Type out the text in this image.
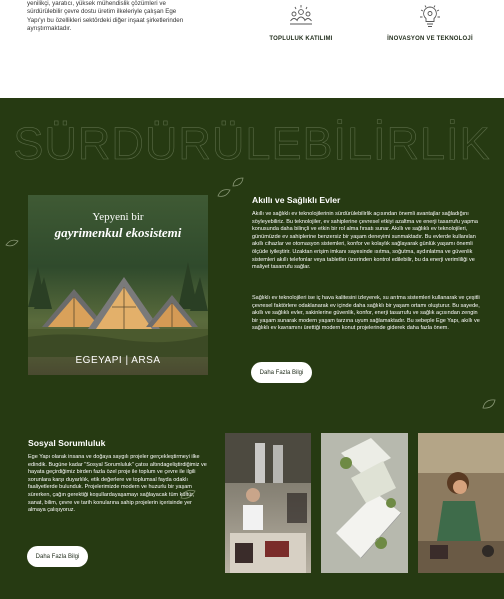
yenilikçi, yaratıcı, yüksek mühendislik çözümleri ve sürdürülebilir çevre dostu üretim ilkeleriyle çalışan Ege Yapı'yı bu özellikleri sektördeki diğer inşaat şirketlerinden ayrıştırmaktadır.

TOPLULUK KATILIMI	İNOVASYON VE TEKNOLOJİ
SÜRDÜRÜLEBİLİRLİK
Yepyeni bir
gayrimenkul ekosistemi
EGEYAPI | ARSA
Akıllı ve Sağlıklı Evler

Akıllı ve sağlıklı ev teknolojilerinin sürdürülebilirlik açısından önemli avantajlar sağladığını söyleyebiliriz. Bu teknolojiler, ev sahiplerine çevresel etkiyi azaltma ve enerji tasarrufu yapma konusunda daha bilinçli ve etkin bir rol alma fırsatı sunar. Akıllı ve sağlıklı ev teknolojileri, günümüzde ev sahiplerine benzersiz bir yaşam deneyimi sunmaktadır. Bu evlerde kullanılan akıllı cihazlar ve otomasyon sistemleri, konfor ve kolaylık sağlayarak günlük yaşamı önemli ölçüde iyileştirir. Uzaktan erişim imkanı sayesinde ısıtma, soğutma, aydınlatma ve güvenlik sistemleri akıllı telefonlar veya tabletler üzerinden kontrol edilebilir, bu da enerji verimliliği ve maliyet tasarrufu sağlar.

Sağlıklı ev teknolojileri ise iç hava kalitesini izleyerek, su arıtma sistemleri kullanarak ve çeşitli çevresel faktörlere odaklanarak ev içinde daha sağlıklı bir yaşam ortamı oluşturur. Bu sayede, akıllı ve sağlıklı evler, sakinlerine güvenlik, konfor, enerji tasarrufu ve sağlık açısından zengin bir yaşam sunarak modern yaşam tarzına uyum sağlamaktadır. Bu sebeple Ege Yapı, akıllı ve sağlıklı ev kavramını ürettiği modern konut projelerinde giderek daha fazla önem.

Daha Fazla Bilgi
Sosyal Sorumluluk

Ege Yapı olarak insana ve doğaya saygılı projeler gerçekleştirmeyi ilke edindik. Bugüne kadar "Sosyal Sorumluluk" çatısı altındageliştirdiğimiz ve hayata geçirdiğimiz birden fazla özel proje ile toplum ve çevre ile ilgili sorunlara karşı duyarlılık, etik değerlere ve toplumsal fayda odaklı faaliyetlerde bulunduk. Projelerimizde modern ve huzurlu bir yaşam sürerken, çağın gerektiği koşullardayaşamayı sağlayacak tüm kültür, sanat, bilim, çevre ve tarih konularına sahip projelerin içerisinde yer almaya çalışıyoruz.

Daha Fazla Bilgi
